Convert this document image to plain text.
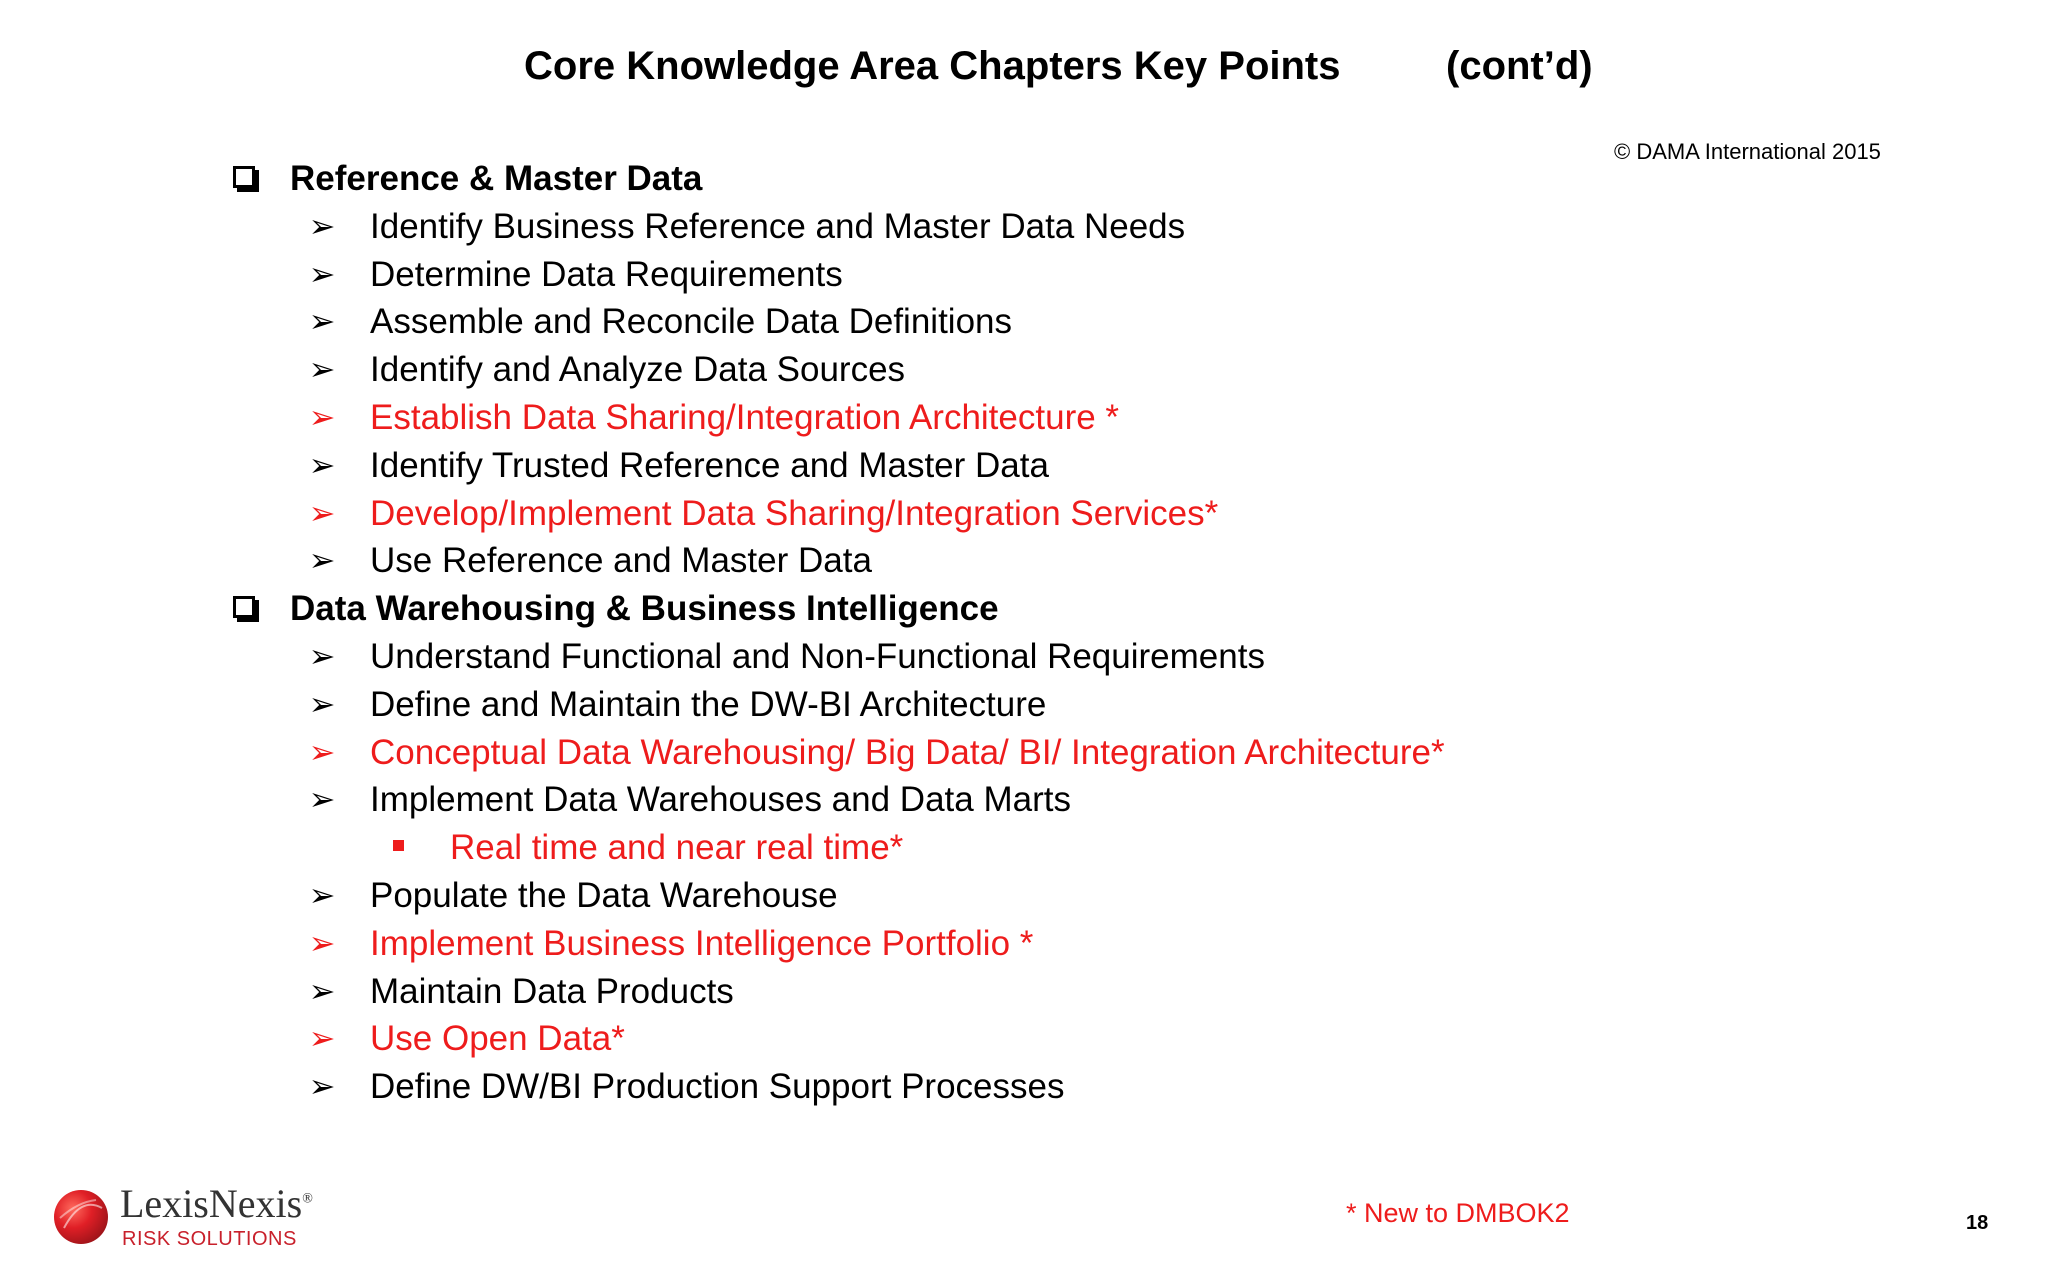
Core Knowledge Area Chapters Key Points	(cont’d)
© DAMA International 2015
Reference & Master Data
➢ Identify Business Reference and Master Data Needs
➢ Determine Data Requirements
➢ Assemble and Reconcile Data Definitions
➢ Identify and Analyze Data Sources
➢ Establish Data Sharing/Integration Architecture *
➢ Identify Trusted Reference and Master Data
➢ Develop/Implement Data Sharing/Integration Services*
➢ Use Reference and Master Data
Data Warehousing & Business Intelligence
➢ Understand Functional and Non-Functional Requirements
➢ Define and Maintain the DW-BI Architecture
➢ Conceptual Data Warehousing/ Big Data/ BI/ Integration Architecture*
➢ Implement Data Warehouses and Data Marts
Real time and near real time*
➢ Populate the Data Warehouse
➢ Implement Business Intelligence Portfolio *
➢ Maintain Data Products
➢ Use Open Data*
➢ Define DW/BI Production Support Processes
LexisNexis®
RISK SOLUTIONS
* New to DMBOK2	18
